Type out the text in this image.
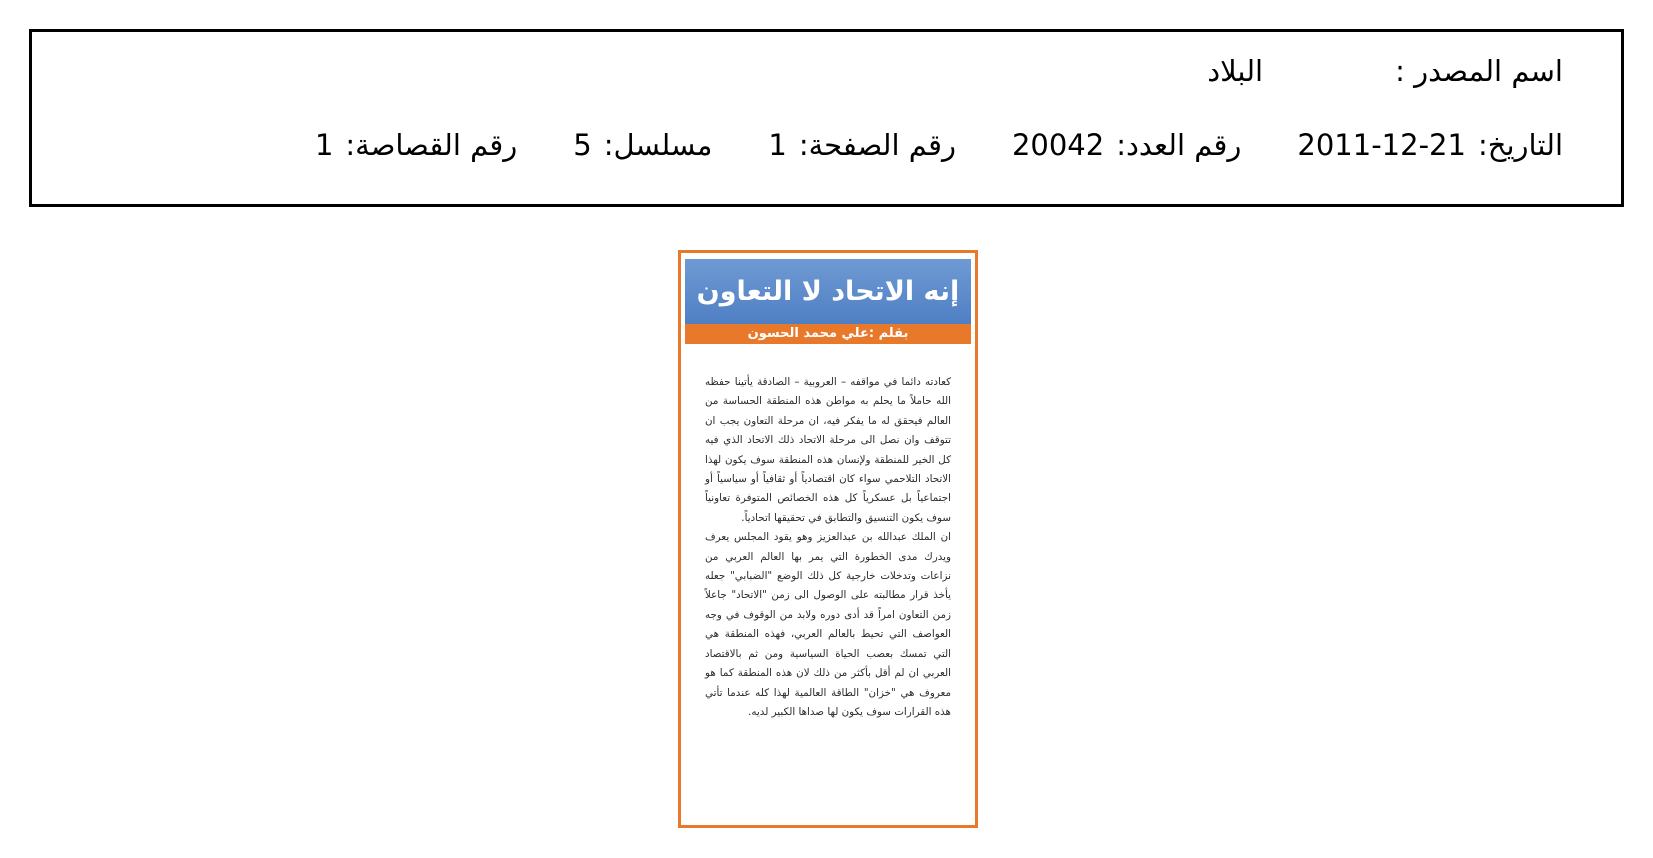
اسم المصدر :
البلاد
التاريخ:
2011-12-21
رقم العدد:
20042
رقم الصفحة:
1
مسلسل:
5
رقم القصاصة:
1
إنه الاتحاد لا التعاون
بقلم :علي محمد الحسون

كعادته دائما في مواقفه – العروبية – الصادقة يأتينا حفظه الله حاملاً ما يحلم به مواطن هذه المنطقة الحساسة من العالم فيحقق له ما يفكر فيه، ان مرحلة التعاون يجب ان تتوقف وان نصل الى مرحلة الاتحاد ذلك الاتحاد الذي فيه كل الخير للمنطقة ولإنسان هذه المنطقة سوف يكون لهذا الاتحاد التلاحمي سواء كان اقتصادياً أو ثقافياً أو سياسياً أو اجتماعياً بل عسكرياً كل هذه الخصائص المتوفرة تعاونياً سوف يكون التنسيق والتطابق في تحقيقها اتحادياً.

ان الملك عبدالله بن عبدالعزيز وهو يقود المجلس يعرف ويدرك مدى الخطورة التي يمر بها العالم العربي من نزاعات وتدخلات خارجية كل ذلك الوضع "الضبابي" جعله يأخذ قرار مطالبته على الوصول الى زمن "الاتحاد" جاعلاً زمن التعاون امراً قد أدى دوره ولابد من الوقوف في وجه العواصف التي تحيط بالعالم العربي، فهذه المنطقة هي التي تمسك بعصب الحياة السياسية ومن ثم بالاقتصاد العربي ان لم أقل بأكثر من ذلك لان هذه المنطقة كما هو معروف هي "خزان" الطاقة العالمية لهذا كله عندما تأتي هذه القرارات سوف يكون لها صداها الكبير لديه.
